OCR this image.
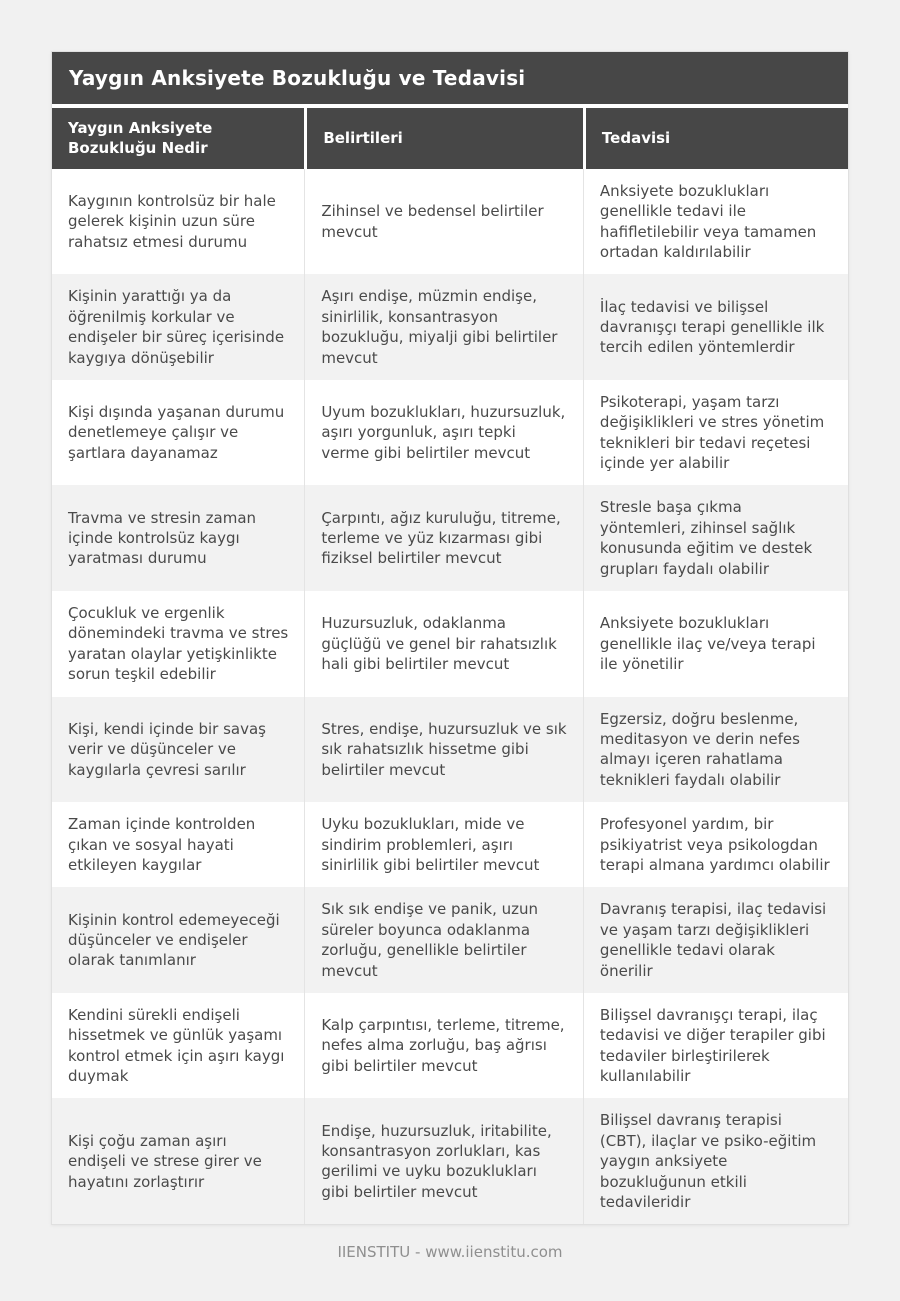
Yaygın Anksiyete Bozukluğu ve Tedavisi
Yaygın Anksiyete Bozukluğu Nedir	Belirtileri	Tedavisi
Kaygının kontrolsüz bir hale gelerek kişinin uzun süre rahatsız etmesi durumu	Zihinsel ve bedensel belirtiler mevcut	Anksiyete bozuklukları genellikle tedavi ile hafifletilebilir veya tamamen ortadan kaldırılabilir
Kişinin yarattığı ya da öğrenilmiş korkular ve endişeler bir süreç içerisinde kaygıya dönüşebilir	Aşırı endişe, müzmin endişe, sinirlilik, konsantrasyon bozukluğu, miyalji gibi belirtiler mevcut	İlaç tedavisi ve bilişsel davranışçı terapi genellikle ilk tercih edilen yöntemlerdir
Kişi dışında yaşanan durumu denetlemeye çalışır ve şartlara dayanamaz	Uyum bozuklukları, huzursuzluk, aşırı yorgunluk, aşırı tepki verme gibi belirtiler mevcut	Psikoterapi, yaşam tarzı değişiklikleri ve stres yönetim teknikleri bir tedavi reçetesi içinde yer alabilir
Travma ve stresin zaman içinde kontrolsüz kaygı yaratması durumu	Çarpıntı, ağız kuruluğu, titreme, terleme ve yüz kızarması gibi fiziksel belirtiler mevcut	Stresle başa çıkma yöntemleri, zihinsel sağlık konusunda eğitim ve destek grupları faydalı olabilir
Çocukluk ve ergenlik dönemindeki travma ve stres yaratan olaylar yetişkinlikte sorun teşkil edebilir	Huzursuzluk, odaklanma güçlüğü ve genel bir rahatsızlık hali gibi belirtiler mevcut	Anksiyete bozuklukları genellikle ilaç ve/veya terapi ile yönetilir
Kişi, kendi içinde bir savaş verir ve düşünceler ve kaygılarla çevresi sarılır	Stres, endişe, huzursuzluk ve sık sık rahatsızlık hissetme gibi belirtiler mevcut	Egzersiz, doğru beslenme, meditasyon ve derin nefes almayı içeren rahatlama teknikleri faydalı olabilir
Zaman içinde kontrolden çıkan ve sosyal hayati etkileyen kaygılar	Uyku bozuklukları, mide ve sindirim problemleri, aşırı sinirlilik gibi belirtiler mevcut	Profesyonel yardım, bir psikiyatrist veya psikologdan terapi almana yardımcı olabilir
Kişinin kontrol edemeyeceği düşünceler ve endişeler olarak tanımlanır	Sık sık endişe ve panik, uzun süreler boyunca odaklanma zorluğu, genellikle belirtiler mevcut	Davranış terapisi, ilaç tedavisi ve yaşam tarzı değişiklikleri genellikle tedavi olarak önerilir
Kendini sürekli endişeli hissetmek ve günlük yaşamı kontrol etmek için aşırı kaygı duymak	Kalp çarpıntısı, terleme, titreme, nefes alma zorluğu, baş ağrısı gibi belirtiler mevcut	Bilişsel davranışçı terapi, ilaç tedavisi ve diğer terapiler gibi tedaviler birleştirilerek kullanılabilir
Kişi çoğu zaman aşırı endişeli ve strese girer ve hayatını zorlaştırır	Endişe, huzursuzluk, iritabilite, konsantrasyon zorlukları, kas gerilimi ve uyku bozuklukları gibi belirtiler mevcut	Bilişsel davranış terapisi (CBT), ilaçlar ve psiko-eğitim yaygın anksiyete bozukluğunun etkili tedavileridir
IIENSTITU - www.iienstitu.com
